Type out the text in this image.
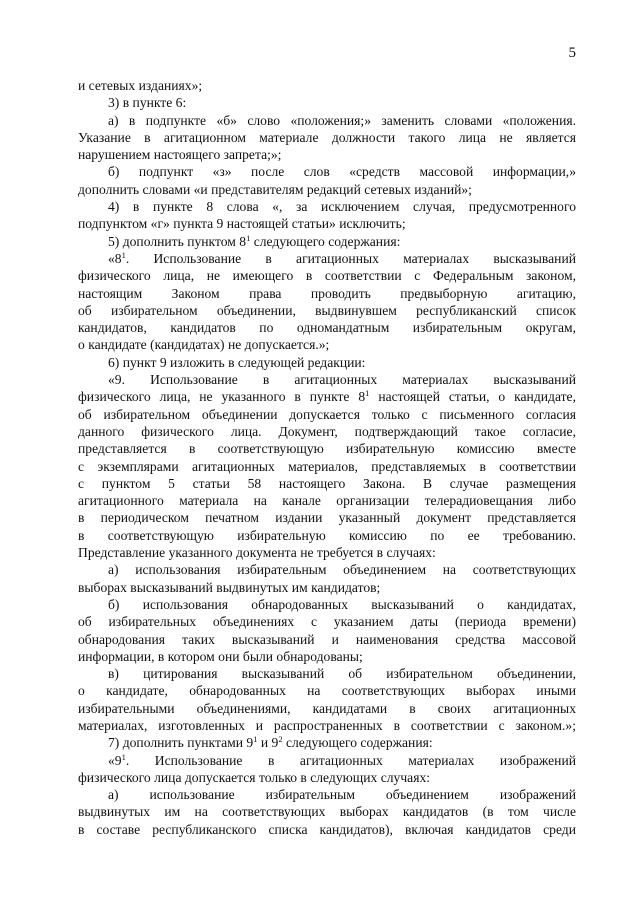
5
и сетевых изданиях»;
3) в пункте 6:
а) в подпункте «б» слово «положения;» заменить словами «положения.
Указание в агитационном материале должности такого лица не является
нарушением настоящего запрета;»;
б) подпункт «з» после слов «средств массовой информации,»
дополнить словами «и представителям редакций сетевых изданий»;
4) в пункте 8 слова «, за исключением случая, предусмотренного
подпунктом «г» пункта 9 настоящей статьи» исключить;
5) дополнить пунктом $8^1$ следующего содержания:
«$8^1$. Использование в агитационных материалах высказываний
физического лица, не имеющего в соответствии с Федеральным законом,
настоящим Законом права проводить предвыборную агитацию,
об избирательном объединении, выдвинувшем республиканский список
кандидатов, кандидатов по одномандатным избирательным округам,
о кандидате (кандидатах) не допускается.»;
6) пункт 9 изложить в следующей редакции:
«9. Использование в агитационных материалах высказываний
физического лица, не указанного в пункте $8^1$ настоящей статьи, о кандидате,
об избирательном объединении допускается только с письменного согласия
данного физического лица. Документ, подтверждающий такое согласие,
представляется в соответствующую избирательную комиссию вместе
с экземплярами агитационных материалов, представляемых в соответствии
с пунктом 5 статьи 58 настоящего Закона. В случае размещения
агитационного материала на канале организации телерадиовещания либо
в периодическом печатном издании указанный документ представляется
в соответствующую избирательную комиссию по ее требованию.
Представление указанного документа не требуется в случаях:
а) использования избирательным объединением на соответствующих
выборах высказываний выдвинутых им кандидатов;
б) использования обнародованных высказываний о кандидатах,
об избирательных объединениях с указанием даты (периода времени)
обнародования таких высказываний и наименования средства массовой
информации, в котором они были обнародованы;
в) цитирования высказываний об избирательном объединении,
о кандидате, обнародованных на соответствующих выборах иными
избирательными объединениями, кандидатами в своих агитационных
материалах, изготовленных и распространенных в соответствии с законом.»;
7) дополнить пунктами $9^1$ и $9^2$ следующего содержания:
«$9^1$. Использование в агитационных материалах изображений
физического лица допускается только в следующих случаях:
а) использование избирательным объединением изображений
выдвинутых им на соответствующих выборах кандидатов (в том числе
в составе республиканского списка кандидатов), включая кандидатов среди
